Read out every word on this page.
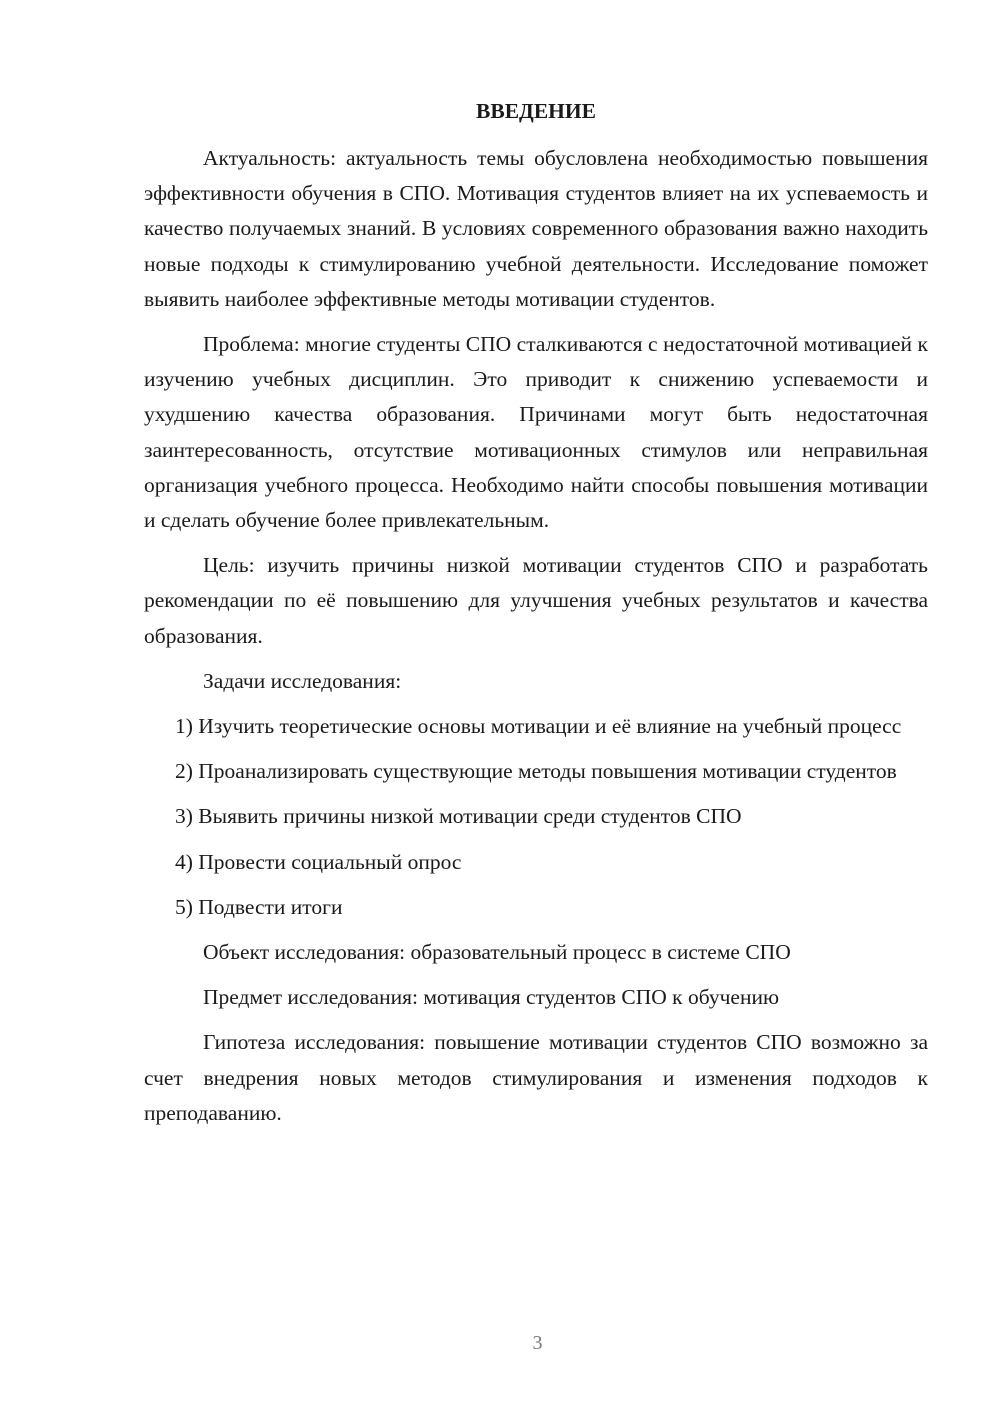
ВВЕДЕНИЕ

Актуальность: актуальность темы обусловлена необходимостью повышения эффективности обучения в СПО. Мотивация студентов влияет на их успеваемость и качество получаемых знаний. В условиях современного образования важно находить новые подходы к стимулированию учебной деятельности. Исследование поможет выявить наиболее эффективные методы мотивации студентов.

Проблема: многие студенты СПО сталкиваются с недостаточной мотивацией к изучению учебных дисциплин. Это приводит к снижению успеваемости и ухудшению качества образования. Причинами могут быть недостаточная заинтересованность, отсутствие мотивационных стимулов или неправильная организация учебного процесса. Необходимо найти способы повышения мотивации и сделать обучение более привлекательным.

Цель: изучить причины низкой мотивации студентов СПО и разработать рекомендации по её повышению для улучшения учебных результатов и качества образования.

Задачи исследования:

1) Изучить теоретические основы мотивации и её влияние на учебный процесс

2) Проанализировать существующие методы повышения мотивации студентов

3) Выявить причины низкой мотивации среди студентов СПО

4) Провести социальный опрос

5) Подвести итоги

Объект исследования: образовательный процесс в системе СПО

Предмет исследования: мотивация студентов СПО к обучению

Гипотеза исследования: повышение мотивации студентов СПО возможно за счет внедрения новых методов стимулирования и изменения подходов к преподаванию.

3
